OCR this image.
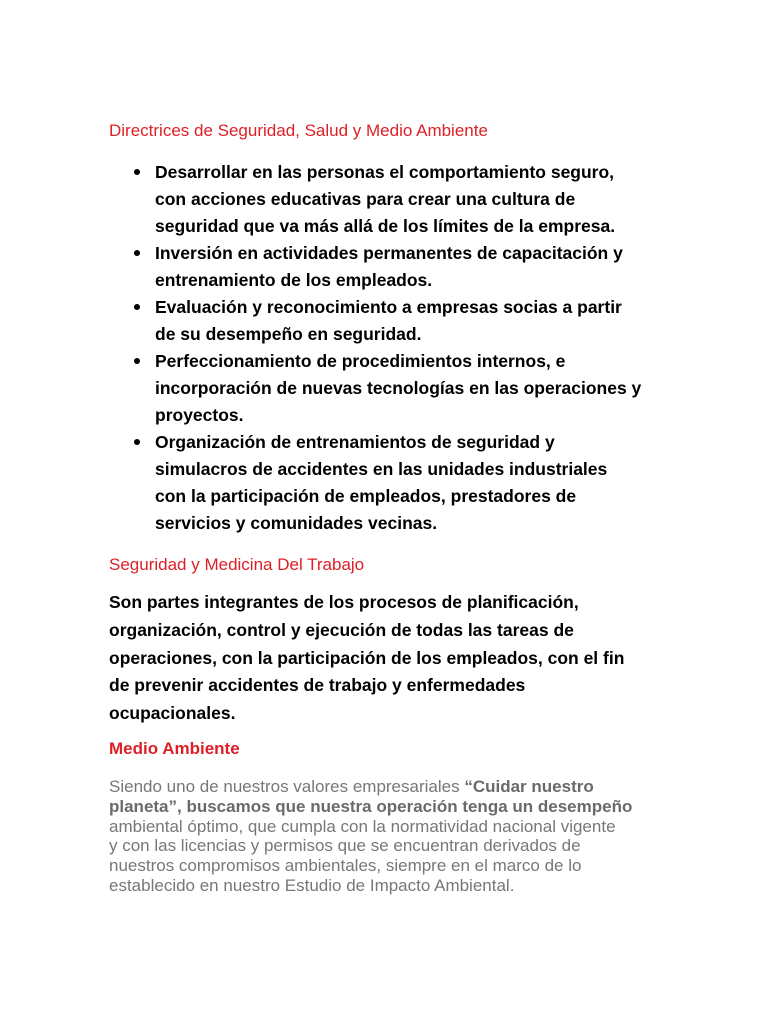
Directrices de Seguridad, Salud y Medio Ambiente
Desarrollar en las personas el comportamiento seguro,
con acciones educativas para crear una cultura de
seguridad que va más allá de los límites de la empresa.
Inversión en actividades permanentes de capacitación y
entrenamiento de los empleados.
Evaluación y reconocimiento a empresas socias a partir
de su desempeño en seguridad.
Perfeccionamiento de procedimientos internos, e
incorporación de nuevas tecnologías en las operaciones y
proyectos.
Organización de entrenamientos de seguridad y
simulacros de accidentes en las unidades industriales
con la participación de empleados, prestadores de
servicios y comunidades vecinas.
Seguridad y Medicina Del Trabajo

Son partes integrantes de los procesos de planificación,
organización, control y ejecución de todas las tareas de
operaciones, con la participación de los empleados, con el fin
de prevenir accidentes de trabajo y enfermedades
ocupacionales.

Medio Ambiente

Siendo uno de nuestros valores empresariales “Cuidar nuestro
planeta”, buscamos que nuestra operación tenga un desempeño
ambiental óptimo, que cumpla con la normatividad nacional vigente
y con las licencias y permisos que se encuentran derivados de
nuestros compromisos ambientales, siempre en el marco de lo
establecido en nuestro Estudio de Impacto Ambiental.
